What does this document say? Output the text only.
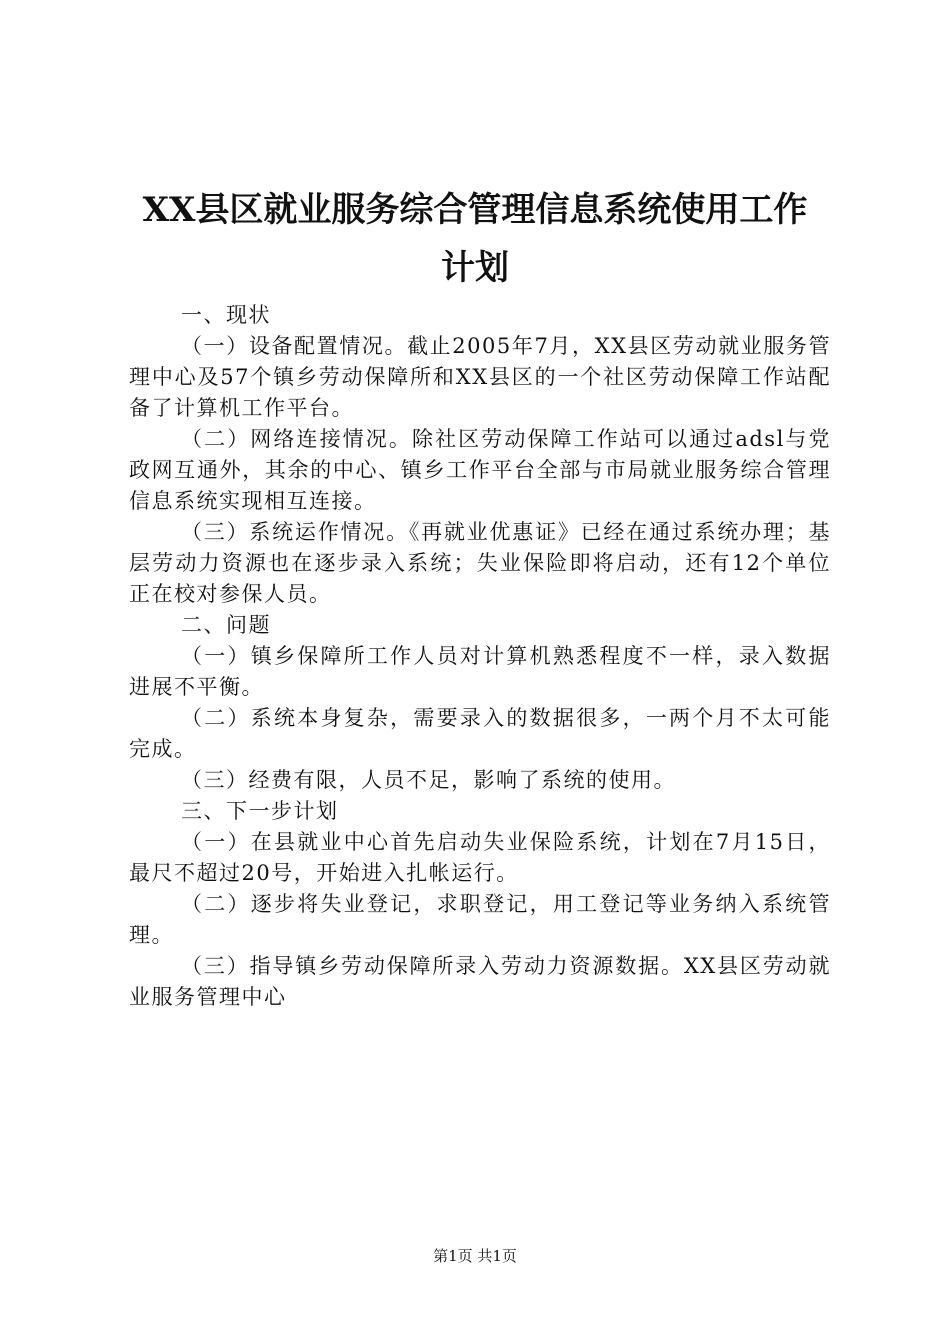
XX县区就业服务综合管理信息系统使用工作
计划

一、现状

（一）设备配置情况。截止2005年7月，XX县区劳动就业服务管理中心及57个镇乡劳动保障所和XX县区的一个社区劳动保障工作站配备了计算机工作平台。

（二）网络连接情况。除社区劳动保障工作站可以通过adsl与党政网互通外，其余的中心、镇乡工作平台全部与市局就业服务综合管理信息系统实现相互连接。

（三）系统运作情况。《再就业优惠证》已经在通过系统办理；基层劳动力资源也在逐步录入系统；失业保险即将启动，还有12个单位正在校对参保人员。

二、问题

（一）镇乡保障所工作人员对计算机熟悉程度不一样，录入数据进展不平衡。

（二）系统本身复杂，需要录入的数据很多，一两个月不太可能完成。

（三）经费有限，人员不足，影响了系统的使用。

三、下一步计划

（一）在县就业中心首先启动失业保险系统，计划在7月15日，最尺不超过20号，开始进入扎帐运行。

（二）逐步将失业登记，求职登记，用工登记等业务纳入系统管理。

（三）指导镇乡劳动保障所录入劳动力资源数据。XX县区劳动就业服务管理中心

第1页 共1页
